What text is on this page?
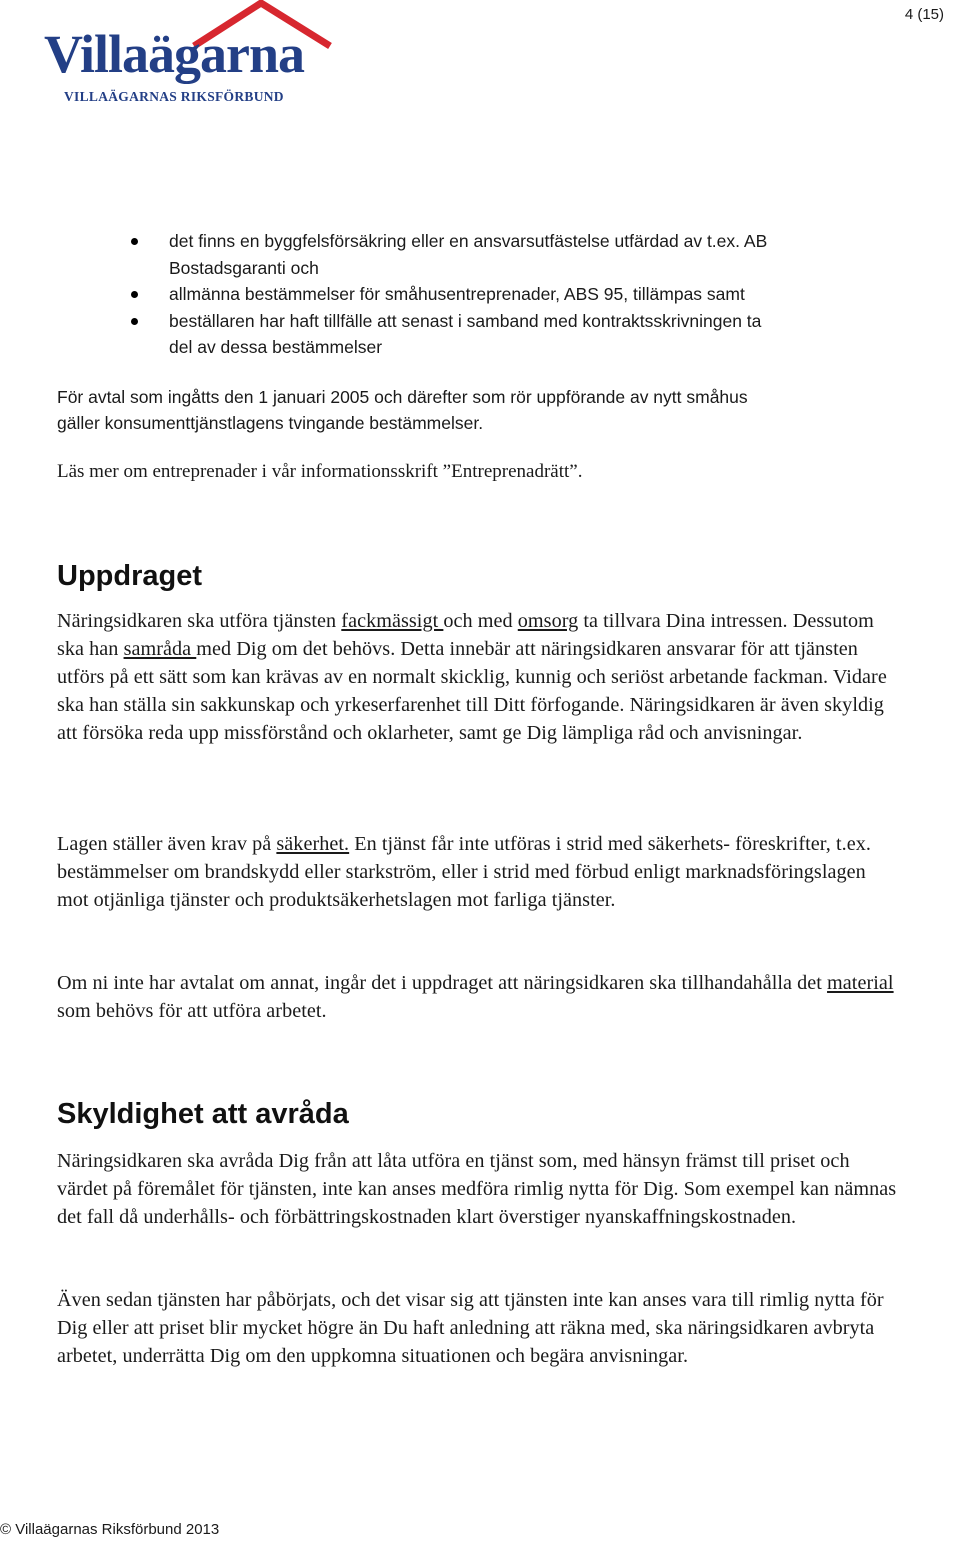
4 (15)
Villaägarna
VILLAÄGARNAS RIKSFÖRBUND
det finns en byggfelsförsäkring eller en ansvarsutfästelse utfärdad av t.ex. AB
Bostadsgaranti och
allmänna bestämmelser för småhusentreprenader, ABS 95, tillämpas samt
beställaren har haft tillfälle att senast i samband med kontraktsskrivningen ta
del av dessa bestämmelser
För avtal som ingåtts den 1 januari 2005 och därefter som rör uppförande av nytt småhus
gäller konsumenttjänstlagens tvingande bestämmelser.
Läs mer om entreprenader i vår informationsskrift ”Entreprenadrätt”.
Uppdraget

Näringsidkaren ska utföra tjänsten fackmässigt och med omsorg ta tillvara Dina intressen. Dessutom ska han samråda med Dig om det behövs. Detta innebär att näringsidkaren ansvarar för att tjänsten utförs på ett sätt som kan krävas av en normalt skicklig, kunnig och seriöst arbetande fackman. Vidare ska han ställa sin sakkunskap och yrkeserfarenhet till Ditt förfogande. Näringsidkaren är även skyldig att försöka reda upp missförstånd och oklarheter, samt ge Dig lämpliga råd och anvisningar.

Lagen ställer även krav på säkerhet. En tjänst får inte utföras i strid med säkerhets- föreskrifter, t.ex. bestämmelser om brandskydd eller starkström, eller i strid med förbud enligt marknadsföringslagen mot otjänliga tjänster och produktsäkerhetslagen mot farliga tjänster.

Om ni inte har avtalat om annat, ingår det i uppdraget att näringsidkaren ska tillhandahålla det material som behövs för att utföra arbetet.

Skyldighet att avråda

Näringsidkaren ska avråda Dig från att låta utföra en tjänst som, med hänsyn främst till priset och värdet på föremålet för tjänsten, inte kan anses medföra rimlig nytta för Dig. Som exempel kan nämnas det fall då underhålls- och förbättringskostnaden klart överstiger nyanskaffningskostnaden.

Även sedan tjänsten har påbörjats, och det visar sig att tjänsten inte kan anses vara till rimlig nytta för Dig eller att priset blir mycket högre än Du haft anledning att räkna med, ska näringsidkaren avbryta arbetet, underrätta Dig om den uppkomna situationen och begära anvisningar.

© Villaägarnas Riksförbund 2013
